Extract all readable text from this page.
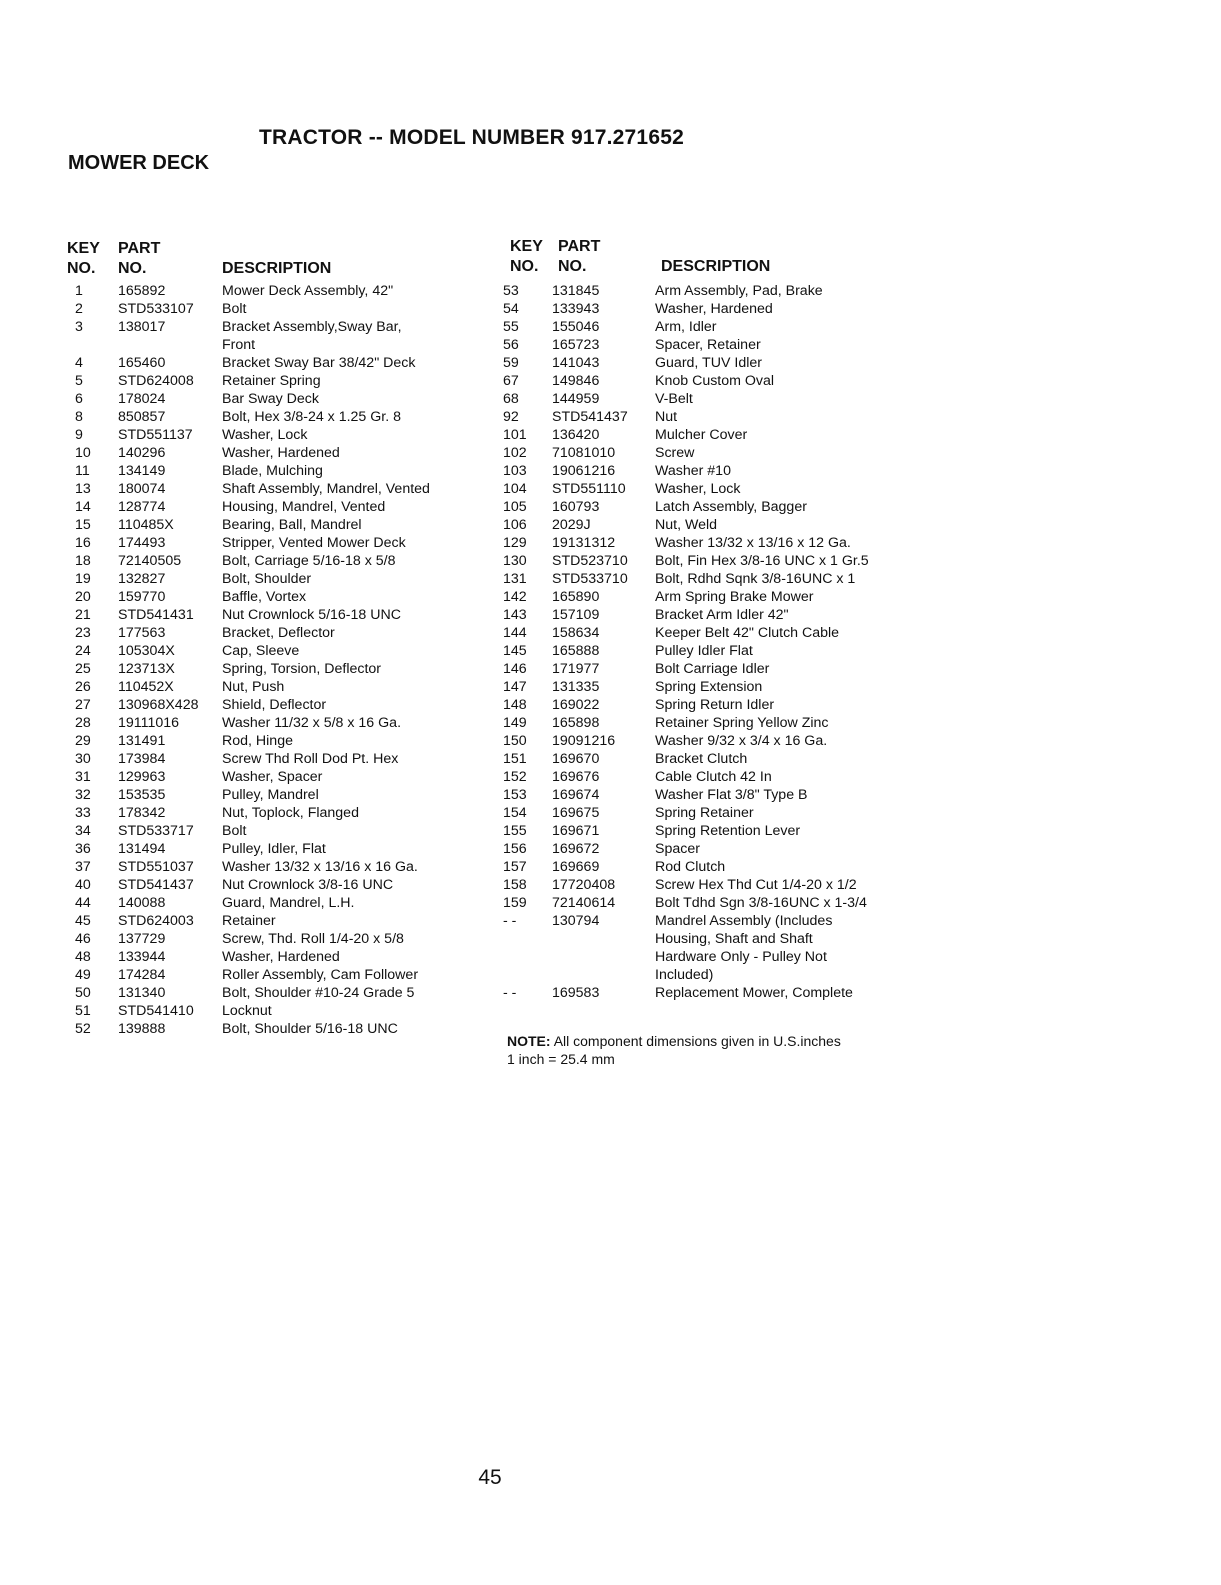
TRACTOR -- MODEL NUMBER 917.271652
MOWER DECK
KEY
NO.
PART
NO.	DESCRIPTION
1 165892	Mower Deck Assembly, 42"
2 STD533107 Bolt
3 138017	Bracket Assembly,Sway Bar,
Front
4 165460	Bracket Sway Bar 38/42" Deck
5 STD624008 Retainer Spring
6 178024	Bar Sway Deck
8 850857	Bolt, Hex 3/8-24 x 1.25 Gr. 8
9 STD551137 Washer, Lock
10 140296	Washer, Hardened
11 134149	Blade, Mulching
13 180074	Shaft Assembly, Mandrel, Vented
14 128774	Housing, Mandrel, Vented
15 110485X	Bearing, Ball, Mandrel
16 174493	Stripper, Vented Mower Deck
18 72140505	Bolt, Carriage 5/16-18 x 5/8
19 132827	Bolt, Shoulder
20 159770	Baffle, Vortex
21 STD541431 Nut Crownlock 5/16-18 UNC
23 177563	Bracket, Deflector
24 105304X	Cap, Sleeve
25 123713X	Spring, Torsion, Deflector
26 110452X	Nut, Push
27 130968X428 Shield, Deflector
28 19111016	Washer 11/32 x 5/8 x 16 Ga.
29 131491	Rod, Hinge
30 173984	Screw Thd Roll Dod Pt. Hex
31 129963	Washer, Spacer
32 153535	Pulley, Mandrel
33 178342	Nut, Toplock, Flanged
34 STD533717 Bolt
36 131494	Pulley, Idler, Flat
37 STD551037 Washer 13/32 x 13/16 x 16 Ga.
40 STD541437 Nut Crownlock 3/8-16 UNC
44 140088	Guard, Mandrel, L.H.
45 STD624003 Retainer
46 137729	Screw, Thd. Roll 1/4-20 x 5/8
48 133944	Washer, Hardened
49 174284	Roller Assembly, Cam Follower
50 131340	Bolt, Shoulder #10-24 Grade 5
51 STD541410 Locknut
52 139888	Bolt, Shoulder 5/16-18 UNC
KEY
NO.
PART
NO.	DESCRIPTION
53 131845	Arm Assembly, Pad, Brake
54 133943	Washer, Hardened
55 155046	Arm, Idler
56 165723	Spacer, Retainer
59 141043	Guard, TUV Idler
67 149846	Knob Custom Oval
68 144959	V-Belt
92 STD541437 Nut
101 136420	Mulcher Cover
102 71081010	Screw
103 19061216	Washer #10
104 STD551110 Washer, Lock
105 160793	Latch Assembly, Bagger
106 2029J	Nut, Weld
129 19131312	Washer 13/32 x 13/16 x 12 Ga.
130 STD523710 Bolt, Fin Hex 3/8-16 UNC x 1 Gr.5
131 STD533710 Bolt, Rdhd Sqnk 3/8-16UNC x 1
142 165890	Arm Spring Brake Mower
143 157109	Bracket Arm Idler 42"
144 158634	Keeper Belt 42" Clutch Cable
145 165888	Pulley Idler Flat
146 171977	Bolt Carriage Idler
147 131335	Spring Extension
148 169022	Spring Return Idler
149 165898	Retainer Spring Yellow Zinc
150 19091216	Washer 9/32 x 3/4 x 16 Ga.
151 169670	Bracket Clutch
152 169676	Cable Clutch 42 In
153 169674	Washer Flat 3/8" Type B
154 169675	Spring Retainer
155 169671	Spring Retention Lever
156 169672	Spacer
157 169669	Rod Clutch
158 17720408	Screw Hex Thd Cut 1/4-20 x 1/2
159 72140614	Bolt Tdhd Sgn 3/8-16UNC x 1-3/4
- -	130794	Mandrel Assembly (Includes
Housing, Shaft and Shaft
Hardware Only - Pulley Not
Included)
- -	169583	Replacement Mower, Complete
NOTE: All component dimensions given in U.S.inches
1 inch = 25.4 mm
45
